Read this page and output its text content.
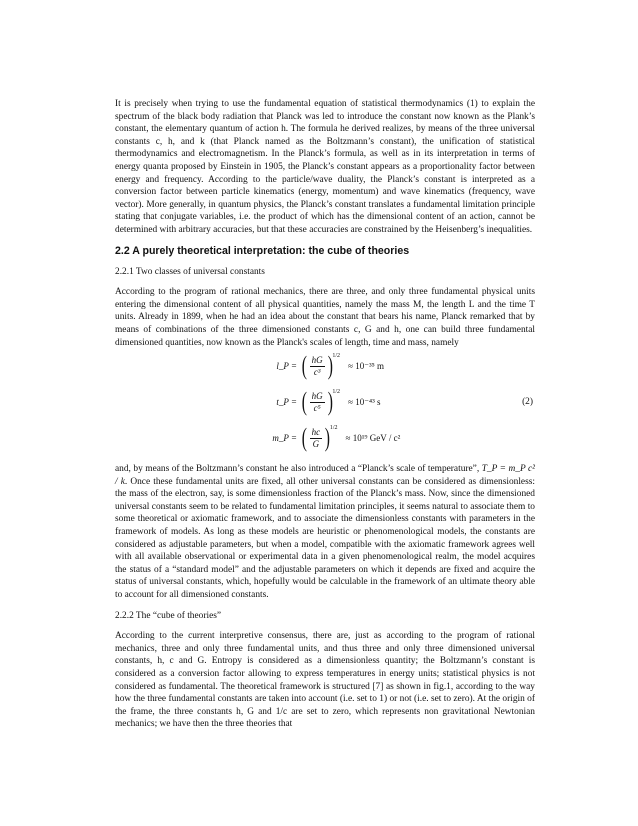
It is precisely when trying to use the fundamental equation of statistical thermodynamics (1) to explain the spectrum of the black body radiation that Planck was led to introduce the constant now known as the Plank’s constant, the elementary quantum of action h. The formula he derived realizes, by means of the three universal constants c, h, and k (that Planck named as the Boltzmann’s constant), the unification of statistical thermodynamics and electromagnetism. In the Planck’s formula, as well as in its interpretation in terms of energy quanta proposed by Einstein in 1905, the Planck’s constant appears as a proportionality factor between energy and frequency. According to the particle/wave duality, the Planck’s constant is interpreted as a conversion factor between particle kinematics (energy, momentum) and wave kinematics (frequency, wave vector). More generally, in quantum physics, the Planck’s constant translates a fundamental limitation principle stating that conjugate variables, i.e. the product of which has the dimensional content of an action, cannot be determined with arbitrary accuracies, but that these accuracies are constrained by the Heisenberg’s inequalities.

2.2 A purely theoretical interpretation: the cube of theories
2.2.1 Two classes of universal constants

According to the program of rational mechanics, there are three, and only three fundamental physical units entering the dimensional content of all physical quantities, namely the mass M, the length L and the time T units. Already in 1899, when he had an idea about the constant that bears his name, Planck remarked that by means of combinations of the three dimensioned constants c, G and h, one can build three fundamental dimensioned quantities, now known as the Planck's scales of length, time and mass, namely

l_P = ( $\frac{hG}{\text{c³}}$ ) 1/2
≈ 10⁻³⁵ m
t_P = ( $\frac{hG}{\text{c⁵}}$ ) 1/2
≈ 10⁻⁴³ s
m_P = ( $\frac{hc}{G}$ ) 1/2
≈ 10¹⁹ GeV / c²
(2)

and, by means of the Boltzmann’s constant he also introduced a “Planck’s scale of temperature”, T_P = m_P c² / k. Once these fundamental units are fixed, all other universal constants can be considered as dimensionless: the mass of the electron, say, is some dimensionless fraction of the Planck’s mass. Now, since the dimensioned universal constants seem to be related to fundamental limitation principles, it seems natural to associate them to some theoretical or axiomatic framework, and to associate the dimensionless constants with parameters in the framework of models. As long as these models are heuristic or phenomenological models, the constants are considered as adjustable parameters, but when a model, compatible with the axiomatic framework agrees well with all available observational or experimental data in a given phenomenological realm, the model acquires the status of a “standard model” and the adjustable parameters on which it depends are fixed and acquire the status of universal constants, which, hopefully would be calculable in the framework of an ultimate theory able to account for all dimensioned constants.

2.2.2 The “cube of theories”

According to the current interpretive consensus, there are, just as according to the program of rational mechanics, three and only three fundamental units, and thus three and only three dimensioned universal constants, h, c and G. Entropy is considered as a dimensionless quantity; the Boltzmann’s constant is considered as a conversion factor allowing to express temperatures in energy units; statistical physics is not considered as fundamental. The theoretical framework is structured [7] as shown in fig.1, according to the way how the three fundamental constants are taken into account (i.e. set to 1) or not (i.e. set to zero). At the origin of the frame, the three constants h, G and 1/c are set to zero, which represents non gravitational Newtonian mechanics; we have then the three theories that
